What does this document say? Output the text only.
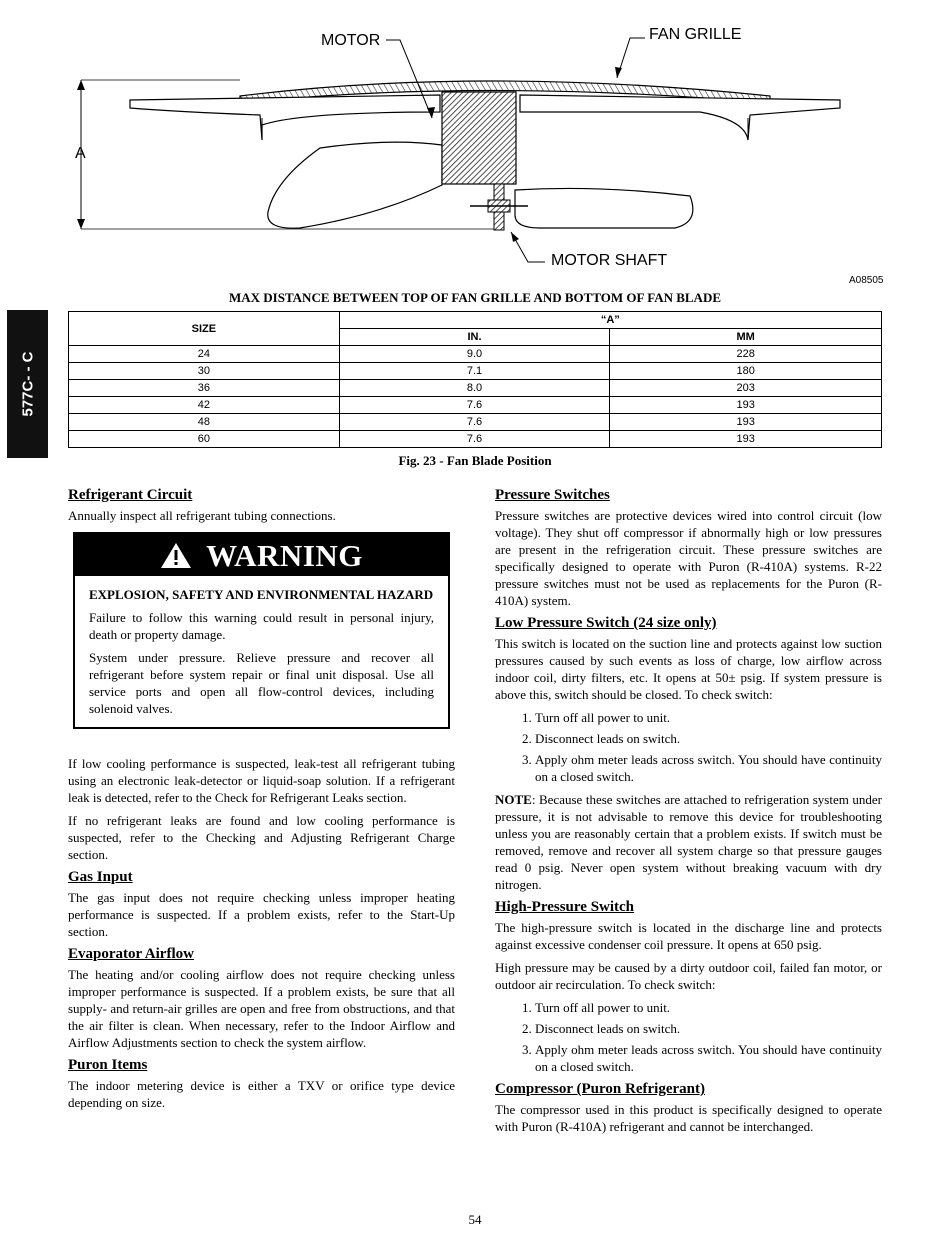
577C- - C
MOTOR	FAN GRILLE
A
MOTOR SHAFT
A08505
MAX DISTANCE BETWEEN TOP OF FAN GRILLE AND BOTTOM OF FAN BLADE
SIZE	“A”	
	IN.	MM
24	9.0	228
30	7.1	180
36	8.0	203
42	7.6	193
48	7.6	193
60	7.6	193
Fig. 23 - Fan Blade Position
Refrigerant Circuit

Annually inspect all refrigerant tubing connections.

WARNING

EXPLOSION, SAFETY AND ENVIRONMENTAL HAZARD

Failure to follow this warning could result in personal injury, death or property damage.

System under pressure. Relieve pressure and recover all refrigerant before system repair or final unit disposal. Use all service ports and open all flow-control devices, including solenoid valves.

If low cooling performance is suspected, leak-test all refrigerant tubing using an electronic leak-detector or liquid-soap solution. If a refrigerant leak is detected, refer to the Check for Refrigerant Leaks section.

If no refrigerant leaks are found and low cooling performance is suspected, refer to the Checking and Adjusting Refrigerant Charge section.

Gas Input

The gas input does not require checking unless improper heating performance is suspected. If a problem exists, refer to the Start-Up section.

Evaporator Airflow

The heating and/or cooling airflow does not require checking unless improper performance is suspected. If a problem exists, be sure that all supply- and return-air grilles are open and free from obstructions, and that the air filter is clean. When necessary, refer to the Indoor Airflow and Airflow Adjustments section to check the system airflow.

Puron Items

The indoor metering device is either a TXV or orifice type device depending on size.

Pressure Switches

Pressure switches are protective devices wired into control circuit (low voltage). They shut off compressor if abnormally high or low pressures are present in the refrigeration circuit. These pressure switches are specifically designed to operate with Puron (R-410A) systems. R-22 pressure switches must not be used as replacements for the Puron (R-410A) system.

Low Pressure Switch (24 size only)

This switch is located on the suction line and protects against low suction pressures caused by such events as loss of charge, low airflow across indoor coil, dirty filters, etc. It opens at 50± psig. If system pressure is above this, switch should be closed. To check switch:

1. Turn off all power to unit.
2. Disconnect leads on switch.
3. Apply ohm meter leads across switch. You should have continuity on a closed switch.

NOTE: Because these switches are attached to refrigeration system under pressure, it is not advisable to remove this device for troubleshooting unless you are reasonably certain that a problem exists. If switch must be removed, remove and recover all system charge so that pressure gauges read 0 psig. Never open system without breaking vacuum with dry nitrogen.

High-Pressure Switch

The high-pressure switch is located in the discharge line and protects against excessive condenser coil pressure. It opens at 650 psig.

High pressure may be caused by a dirty outdoor coil, failed fan motor, or outdoor air recirculation. To check switch:

1. Turn off all power to unit.
2. Disconnect leads on switch.
3. Apply ohm meter leads across switch. You should have continuity on a closed switch.
Compressor (Puron Refrigerant)

The compressor used in this product is specifically designed to operate with Puron (R-410A) refrigerant and cannot be interchanged.

54
